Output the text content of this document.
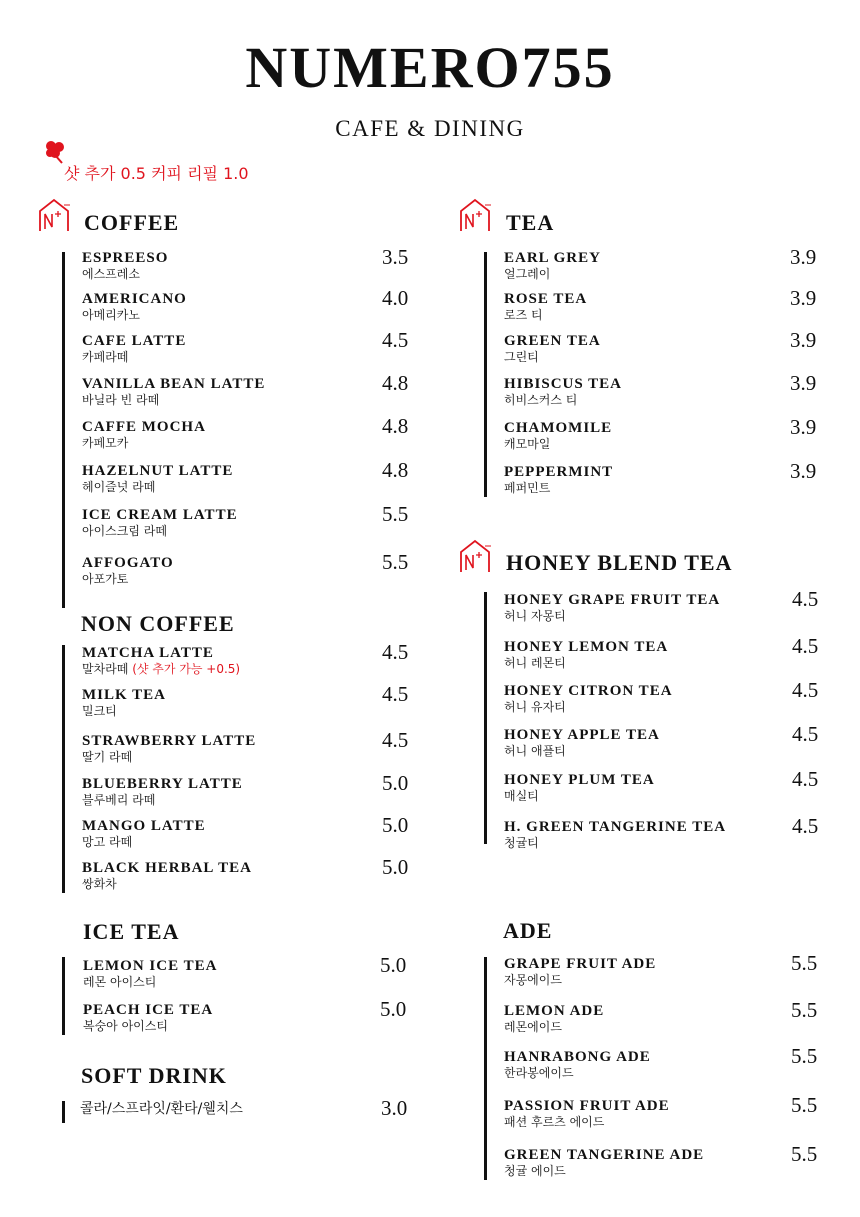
NUMERO755
CAFE & DINING
샷 추가 0.5 커피 리필 1.0
COFFEE
ESPREESO
에스프레소
3.5
AMERICANO
아메리카노
4.0
CAFE LATTE
카페라떼
4.5
VANILLA BEAN LATTE
바닐라 빈 라떼
4.8
CAFFE MOCHA
카페모카
4.8
HAZELNUT LATTE
헤이즐넛 라떼
4.8
ICE CREAM LATTE
아이스크림 라떼
5.5
AFFOGATO
아포가토
5.5
NON COFFEE
MATCHA LATTE
말차라떼 (샷 추가 가능 +0.5)
4.5
MILK TEA
밀크티
4.5
STRAWBERRY LATTE
딸기 라떼
4.5
BLUEBERRY LATTE
블루베리 라떼
5.0
MANGO LATTE
망고 라떼
5.0
BLACK HERBAL TEA
쌍화차
5.0
ICE TEA
LEMON ICE TEA
레몬 아이스티
5.0
PEACH ICE TEA
복숭아 아이스티
5.0
SOFT DRINK
콜라/스프라잇/환타/웰치스	3.0
TEA
EARL GREY
얼그레이
3.9
ROSE TEA
로즈 티
3.9
GREEN TEA
그린티
3.9
HIBISCUS TEA
히비스커스 티
3.9
CHAMOMILE
캐모마일
3.9
PEPPERMINT
페퍼민트
3.9
HONEY BLEND TEA
HONEY GRAPE FRUIT TEA
허니 자몽티
4.5
HONEY LEMON TEA
허니 레몬티
4.5
HONEY CITRON TEA
허니 유자티
4.5
HONEY APPLE TEA
허니 애플티
4.5
HONEY PLUM TEA
매실티
4.5
H. GREEN TANGERINE TEA
청귤티
4.5
ADE
GRAPE FRUIT ADE
자몽에이드
5.5
LEMON ADE
레몬에이드
5.5
HANRABONG ADE
한라봉에이드
5.5
PASSION FRUIT ADE
패션 후르츠 에이드
5.5
GREEN TANGERINE ADE
청귤 에이드
5.5
